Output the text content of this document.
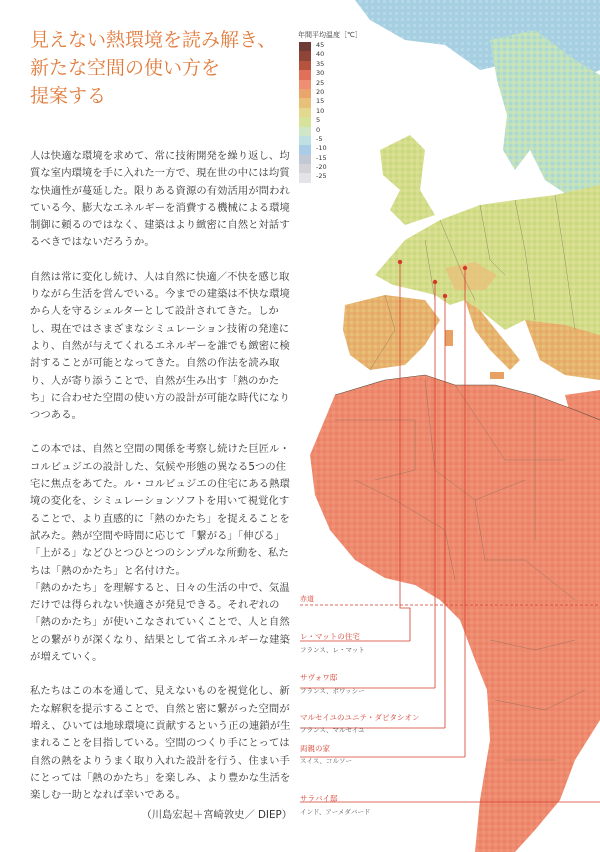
見えない熱環境を読み解き、
新たな空間の使い方を
提案する

人は快適な環境を求めて、常に技術開発を繰り返し、均質な室内環境を手に入れた一方で、現在世の中には均質な快適性が蔓延した。限りある資源の有効活用が問われている今、膨大なエネルギーを消費する機械による環境制御に頼るのではなく、建築はより緻密に自然と対話するべきではないだろうか。

自然は常に変化し続け、人は自然に快適／不快を感じ取りながら生活を営んでいる。今までの建築は不快な環境から人を守るシェルターとして設計されてきた。しかし、現在ではさまざまなシミュレーション技術の発達により、自然が与えてくれるエネルギーを誰でも緻密に検討することが可能となってきた。自然の作法を読み取り、人が寄り添うことで、自然が生み出す「熱のかたち」に合わせた空間の使い方の設計が可能な時代になりつつある。

この本では、自然と空間の関係を考察し続けた巨匠ル・コルビュジエの設計した、気候や形態の異なる5つの住宅に焦点をあてた。ル・コルビュジエの住宅にある熱環境の変化を、シミュレーションソフトを用いて視覚化することで、より直感的に「熱のかたち」を捉えることを試みた。熱が空間や時間に応じて「繋がる」「伸びる」「上がる」などひとつひとつのシンプルな所動を、私たちは「熱のかたち」と名付けた。

「熱のかたち」を理解すると、日々の生活の中で、気温だけでは得られない快適さが発見できる。それぞれの「熱のかたち」が使いこなされていくことで、人と自然との繋がりが深くなり、結果として省エネルギーな建築が増えていく。

私たちはこの本を通して、見えないものを視覚化し、新たな解釈を提示することで、自然と密に繋がった空間が増え、ひいては地球環境に貢献するという正の連鎖が生まれることを目指している。空間のつくり手にとっては自然の熱をよりうまく取り入れた設計を行う、住まい手にとっては「熱のかたち」を楽しみ、より豊かな生活を楽しむ一助となれば幸いである。

（川島宏起＋宮崎敦史／ DIEP）
年間平均温度［℃］
45
40
35
30
25
20
15
10
5
0
-5
-10
-15
-20
-25
赤道
レ・マットの住宅
フランス、レ・マット
サヴォワ邸
フランス、ポワッシー
マルセイユのユニテ・ダビタシオン
フランス、マルセイユ
両親の家
スイス、コルソー
サラバイ邸
インド、アーメダバード
